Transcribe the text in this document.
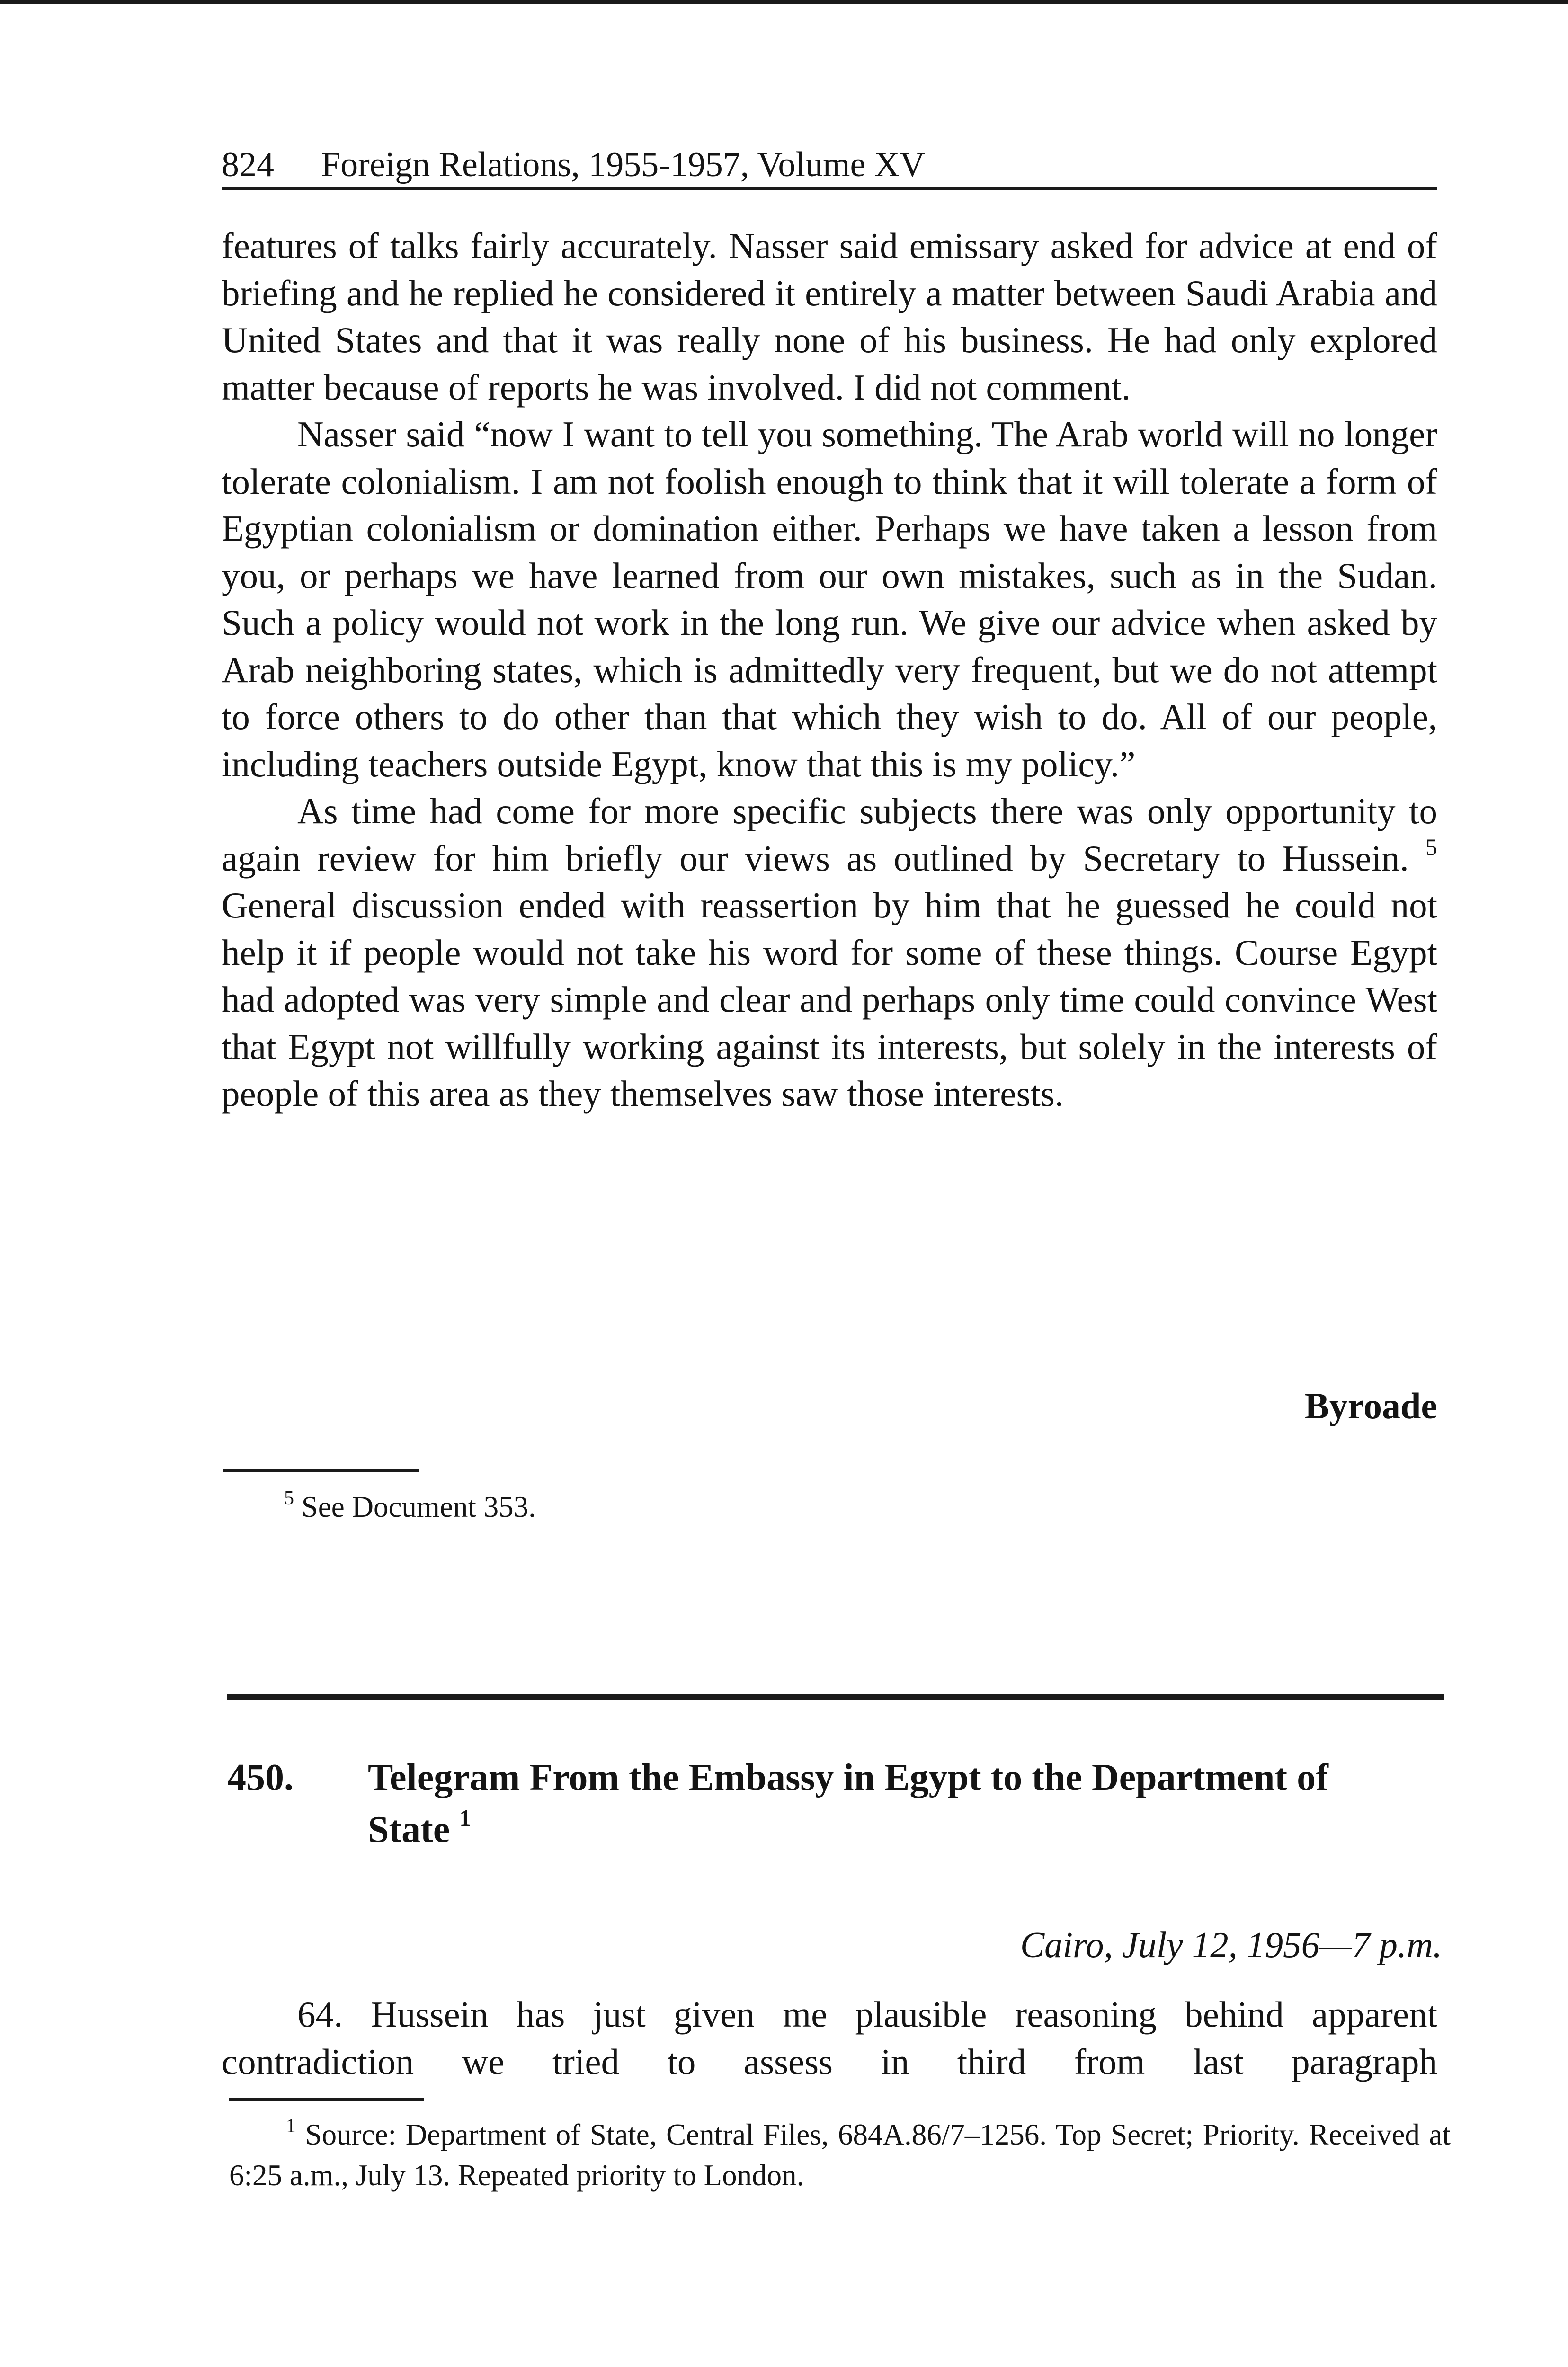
824 Foreign Relations, 1955-1957, Volume XV

features of talks fairly accurately. Nasser said emissary asked for advice at end of briefing and he replied he considered it entirely a matter between Saudi Arabia and United States and that it was really none of his business. He had only explored matter because of reports he was involved. I did not comment.

Nasser said “now I want to tell you something. The Arab world will no longer tolerate colonialism. I am not foolish enough to think that it will tolerate a form of Egyptian colonialism or domination either. Perhaps we have taken a lesson from you, or perhaps we have learned from our own mistakes, such as in the Sudan. Such a policy would not work in the long run. We give our advice when asked by Arab neighboring states, which is admittedly very frequent, but we do not attempt to force others to do other than that which they wish to do. All of our people, including teachers outside Egypt, know that this is my policy.”

As time had come for more specific subjects there was only opportunity to again review for him briefly our views as outlined by Secretary to Hussein. $^5$ General discussion ended with reassertion by him that he guessed he could not help it if people would not take his word for some of these things. Course Egypt had adopted was very simple and clear and perhaps only time could convince West that Egypt not willfully working against its interests, but solely in the interests of people of this area as they themselves saw those interests.

Byroade
$^5$ See Document 353.
450. Telegram From the Embassy in Egypt to the Department of State $^1$
Cairo, July 12, 1956—7 p.m.

64. Hussein has just given me plausible reasoning behind apparent contradiction we tried to assess in third from last paragraph

$^1$ Source: Department of State, Central Files, 684A.86/7–1256. Top Secret; Priority. Received at 6:25 a.m., July 13. Repeated priority to London.
